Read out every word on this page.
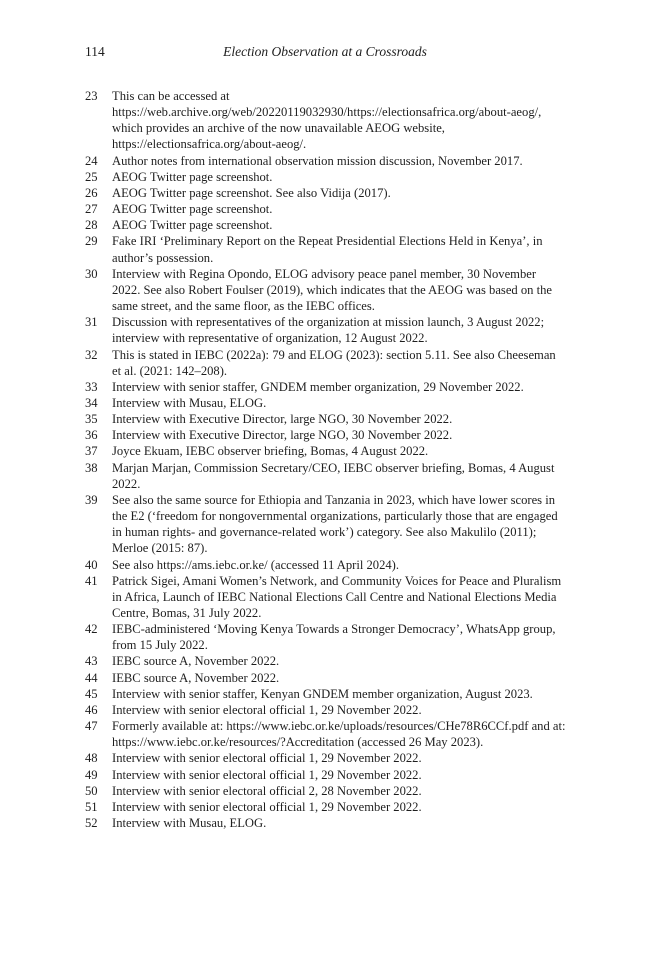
114	Election Observation at a Crossroads
23	This can be accessed at https://web.archive.org/web/20220119032930/https://electionsafrica.org/about-aeog/, which provides an archive of the now unavailable AEOG website, https://electionsafrica.org/about-aeog/.
24	Author notes from international observation mission discussion, November 2017.
25	AEOG Twitter page screenshot.
26	AEOG Twitter page screenshot. See also Vidija (2017).
27	AEOG Twitter page screenshot.
28	AEOG Twitter page screenshot.
29	Fake IRI ‘Preliminary Report on the Repeat Presidential Elections Held in Kenya’, in author’s possession.
30	Interview with Regina Opondo, ELOG advisory peace panel member, 30 November 2022. See also Robert Foulser (2019), which indicates that the AEOG was based on the same street, and the same floor, as the IEBC offices.
31	Discussion with representatives of the organization at mission launch, 3 August 2022; interview with representative of organization, 12 August 2022.
32	This is stated in IEBC (2022a): 79 and ELOG (2023): section 5.11. See also Cheeseman et al. (2021: 142–208).
33	Interview with senior staffer, GNDEM member organization, 29 November 2022.
34	Interview with Musau, ELOG.
35	Interview with Executive Director, large NGO, 30 November 2022.
36	Interview with Executive Director, large NGO, 30 November 2022.
37	Joyce Ekuam, IEBC observer briefing, Bomas, 4 August 2022.
38	Marjan Marjan, Commission Secretary/CEO, IEBC observer briefing, Bomas, 4 August 2022.
39	See also the same source for Ethiopia and Tanzania in 2023, which have lower scores in the E2 (‘freedom for nongovernmental organizations, particularly those that are engaged in human rights- and governance-related work’) category. See also Makulilo (2011); Merloe (2015: 87).
40	See also https://ams.iebc.or.ke/ (accessed 11 April 2024).
41	Patrick Sigei, Amani Women’s Network, and Community Voices for Peace and Pluralism in Africa, Launch of IEBC National Elections Call Centre and National Elections Media Centre, Bomas, 31 July 2022.
42	IEBC-administered ‘Moving Kenya Towards a Stronger Democracy’, WhatsApp group, from 15 July 2022.
43	IEBC source A, November 2022.
44	IEBC source A, November 2022.
45	Interview with senior staffer, Kenyan GNDEM member organization, August 2023.
46	Interview with senior electoral official 1, 29 November 2022.
47	Formerly available at: https://www.iebc.or.ke/uploads/resources/CHe78R6CCf.pdf and at: https://www.iebc.or.ke/resources/?Accreditation (accessed 26 May 2023).
48	Interview with senior electoral official 1, 29 November 2022.
49	Interview with senior electoral official 1, 29 November 2022.
50	Interview with senior electoral official 2, 28 November 2022.
51	Interview with senior electoral official 1, 29 November 2022.
52	Interview with Musau, ELOG.
